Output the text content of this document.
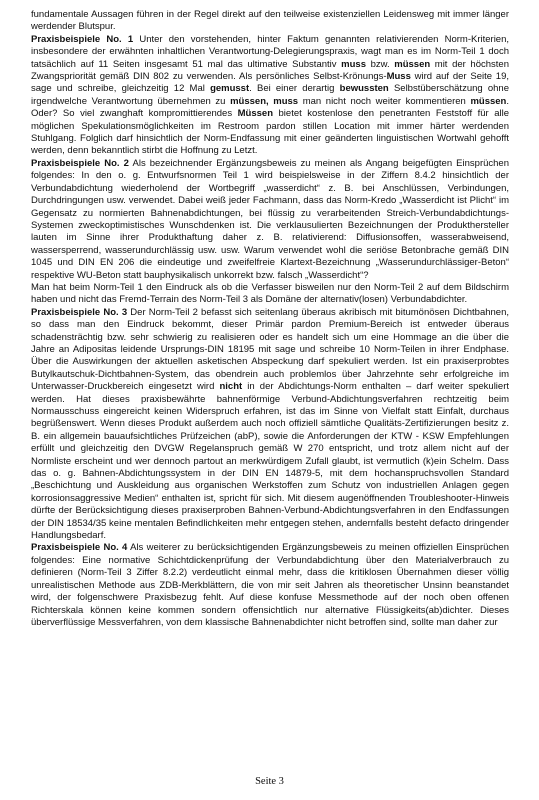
fundamentale Aussagen führen in der Regel direkt auf den teilweise existenziellen Leidensweg mit immer länger werdender Blutspur.

Praxisbeispiele No. 1 Unter den vorstehenden, hinter Faktum genannten relativierenden Norm-Kriterien, insbesondere der erwähnten inhaltlichen Verantwortung-Delegierungspraxis, wagt man es im Norm-Teil 1 doch tatsächlich auf 11 Seiten insgesamt 51 mal das ultimative Substantiv muss bzw. müssen mit der höchsten Zwangspriorität gemäß DIN 802 zu verwenden. Als persönliches Selbst-Krönungs-Muss wird auf der Seite 19, sage und schreibe, gleichzeitig 12 Mal gemusst. Bei einer derartig bewussten Selbstüberschätzung ohne irgendwelche Verantwortung übernehmen zu müssen, muss man nicht noch weiter kommentieren müssen. Oder? So viel zwanghaft kompromittierendes Müssen bietet kostenlose den penetranten Feststoff für alle möglichen Spekulationsmöglichkeiten im Restroom pardon stillen Location mit immer härter werdenden Stuhlgang. Folglich darf hinsichtlich der Norm-Endfassung mit einer geänderten linguistischen Wortwahl gehofft werden, denn bekanntlich stirbt die Hoffnung zu Letzt.

Praxisbeispiele No. 2 Als bezeichnender Ergänzungsbeweis zu meinen als Angang beigefügten Einsprüchen folgendes: In den o. g. Entwurfsnormen Teil 1 wird beispielsweise in der Ziffern 8.4.2 hinsichtlich der Verbundabdichtung wiederholend der Wortbegriff „wasserdicht“ z. B. bei Anschlüssen, Verbindungen, Durchdringungen usw. verwendet. Dabei weiß jeder Fachmann, dass das Norm-Kredo „Wasserdicht ist Plicht“ im Gegensatz zu normierten Bahnenabdichtungen, bei flüssig zu verarbeitenden Streich-Verbundabdichtungs-Systemen zweckoptimistisches Wunschdenken ist. Die verklausulierten Bezeichnungen der Produkthersteller lauten im Sinne ihrer Produkthaftung daher z. B. relativierend: Diffusionsoffen, wasserabweisend, wassersperrend, wasserundurchlässig usw. usw. Warum verwendet wohl die seriöse Betonbrache gemäß DIN 1045 und DIN EN 206 die eindeutige und zweifelfreie Klartext-Bezeichnung „Wasserundurchlässiger-Beton“ respektive WU-Beton statt bauphysikalisch unkorrekt bzw. falsch „Wasserdicht“?

Man hat beim Norm-Teil 1 den Eindruck als ob die Verfasser bisweilen nur den Norm-Teil 2 auf dem Bildschirm haben und nicht das Fremd-Terrain des Norm-Teil 3 als Domäne der alternativ(losen) Verbundabdichter.

Praxisbeispiele No. 3 Der Norm-Teil 2 befasst sich seitenlang überaus akribisch mit bitumönösen Dichtbahnen, so dass man den Eindruck bekommt, dieser Primär pardon Premium-Bereich ist entweder überaus schadensträchtig bzw. sehr schwierig zu realisieren oder es handelt sich um eine Hommage an die über die Jahre an Adipositas leidende Ursprungs-DIN 18195 mit sage und schreibe 10 Norm-Teilen in ihrer Endphase. Über die Auswirkungen der aktuellen asketischen Abspeckung darf spekuliert werden. Ist ein praxiserprobtes Butylkautschuk-Dichtbahnen-System, das obendrein auch problemlos über Jahrzehnte sehr erfolgreiche im Unterwasser-Druckbereich eingesetzt wird nicht in der Abdichtungs-Norm enthalten – darf weiter spekuliert werden. Hat dieses praxisbewährte bahnenförmige Verbund-Abdichtungsverfahren rechtzeitig beim Normausschuss eingereicht keinen Widerspruch erfahren, ist das im Sinne von Vielfalt statt Einfalt, durchaus begrüßenswert. Wenn dieses Produkt außerdem auch noch offiziell sämtliche Qualitäts-Zertifizierungen besitz z. B. ein allgemein bauaufsichtliches Prüfzeichen (abP), sowie die Anforderungen der KTW - KSW Empfehlungen erfüllt und gleichzeitig den DVGW Regelanspruch gemäß W 270 entspricht, und trotz allem nicht auf der Normliste erscheint und wer dennoch partout an merkwürdigem Zufall glaubt, ist vermutlich (k)ein Schelm. Dass das o. g. Bahnen-Abdichtungssystem in der DIN EN 14879-5, mit dem hochanspruchsvollen Standard „Beschichtung und Auskleidung aus organischen Werkstoffen zum Schutz von industriellen Anlagen gegen korrosionsaggressive Medien“ enthalten ist, spricht für sich. Mit diesem augenöffnenden Troubleshooter-Hinweis dürfte der Berücksichtigung dieses praxiserproben Bahnen-Verbund-Abdichtungsverfahren in den Endfassungen der DIN 18534/35 keine mentalen Befindlichkeiten mehr entgegen stehen, andernfalls besteht defacto dringender Handlungsbedarf.

Praxisbeispiele No. 4 Als weiterer zu berücksichtigenden Ergänzungsbeweis zu meinen offiziellen Einsprüchen folgendes: Eine normative Schichtdickenprüfung der Verbundabdichtung über den Materialverbrauch zu definieren (Norm-Teil 3 Ziffer 8.2.2) verdeutlicht einmal mehr, dass die kritiklosen Übernahmen dieser völlig unrealistischen Methode aus ZDB-Merkblättern, die von mir seit Jahren als theoretischer Unsinn beanstandet wird, der folgenschwere Praxisbezug fehlt. Auf diese konfuse Messmethode auf der noch oben offenen Richterskala können keine kommen sondern offensichtlich nur alternative Flüssigkeits(ab)dichter. Dieses überverflüssige Messverfahren, von dem klassische Bahnenabdichter nicht betroffen sind, sollte man daher zur

Seite 3
